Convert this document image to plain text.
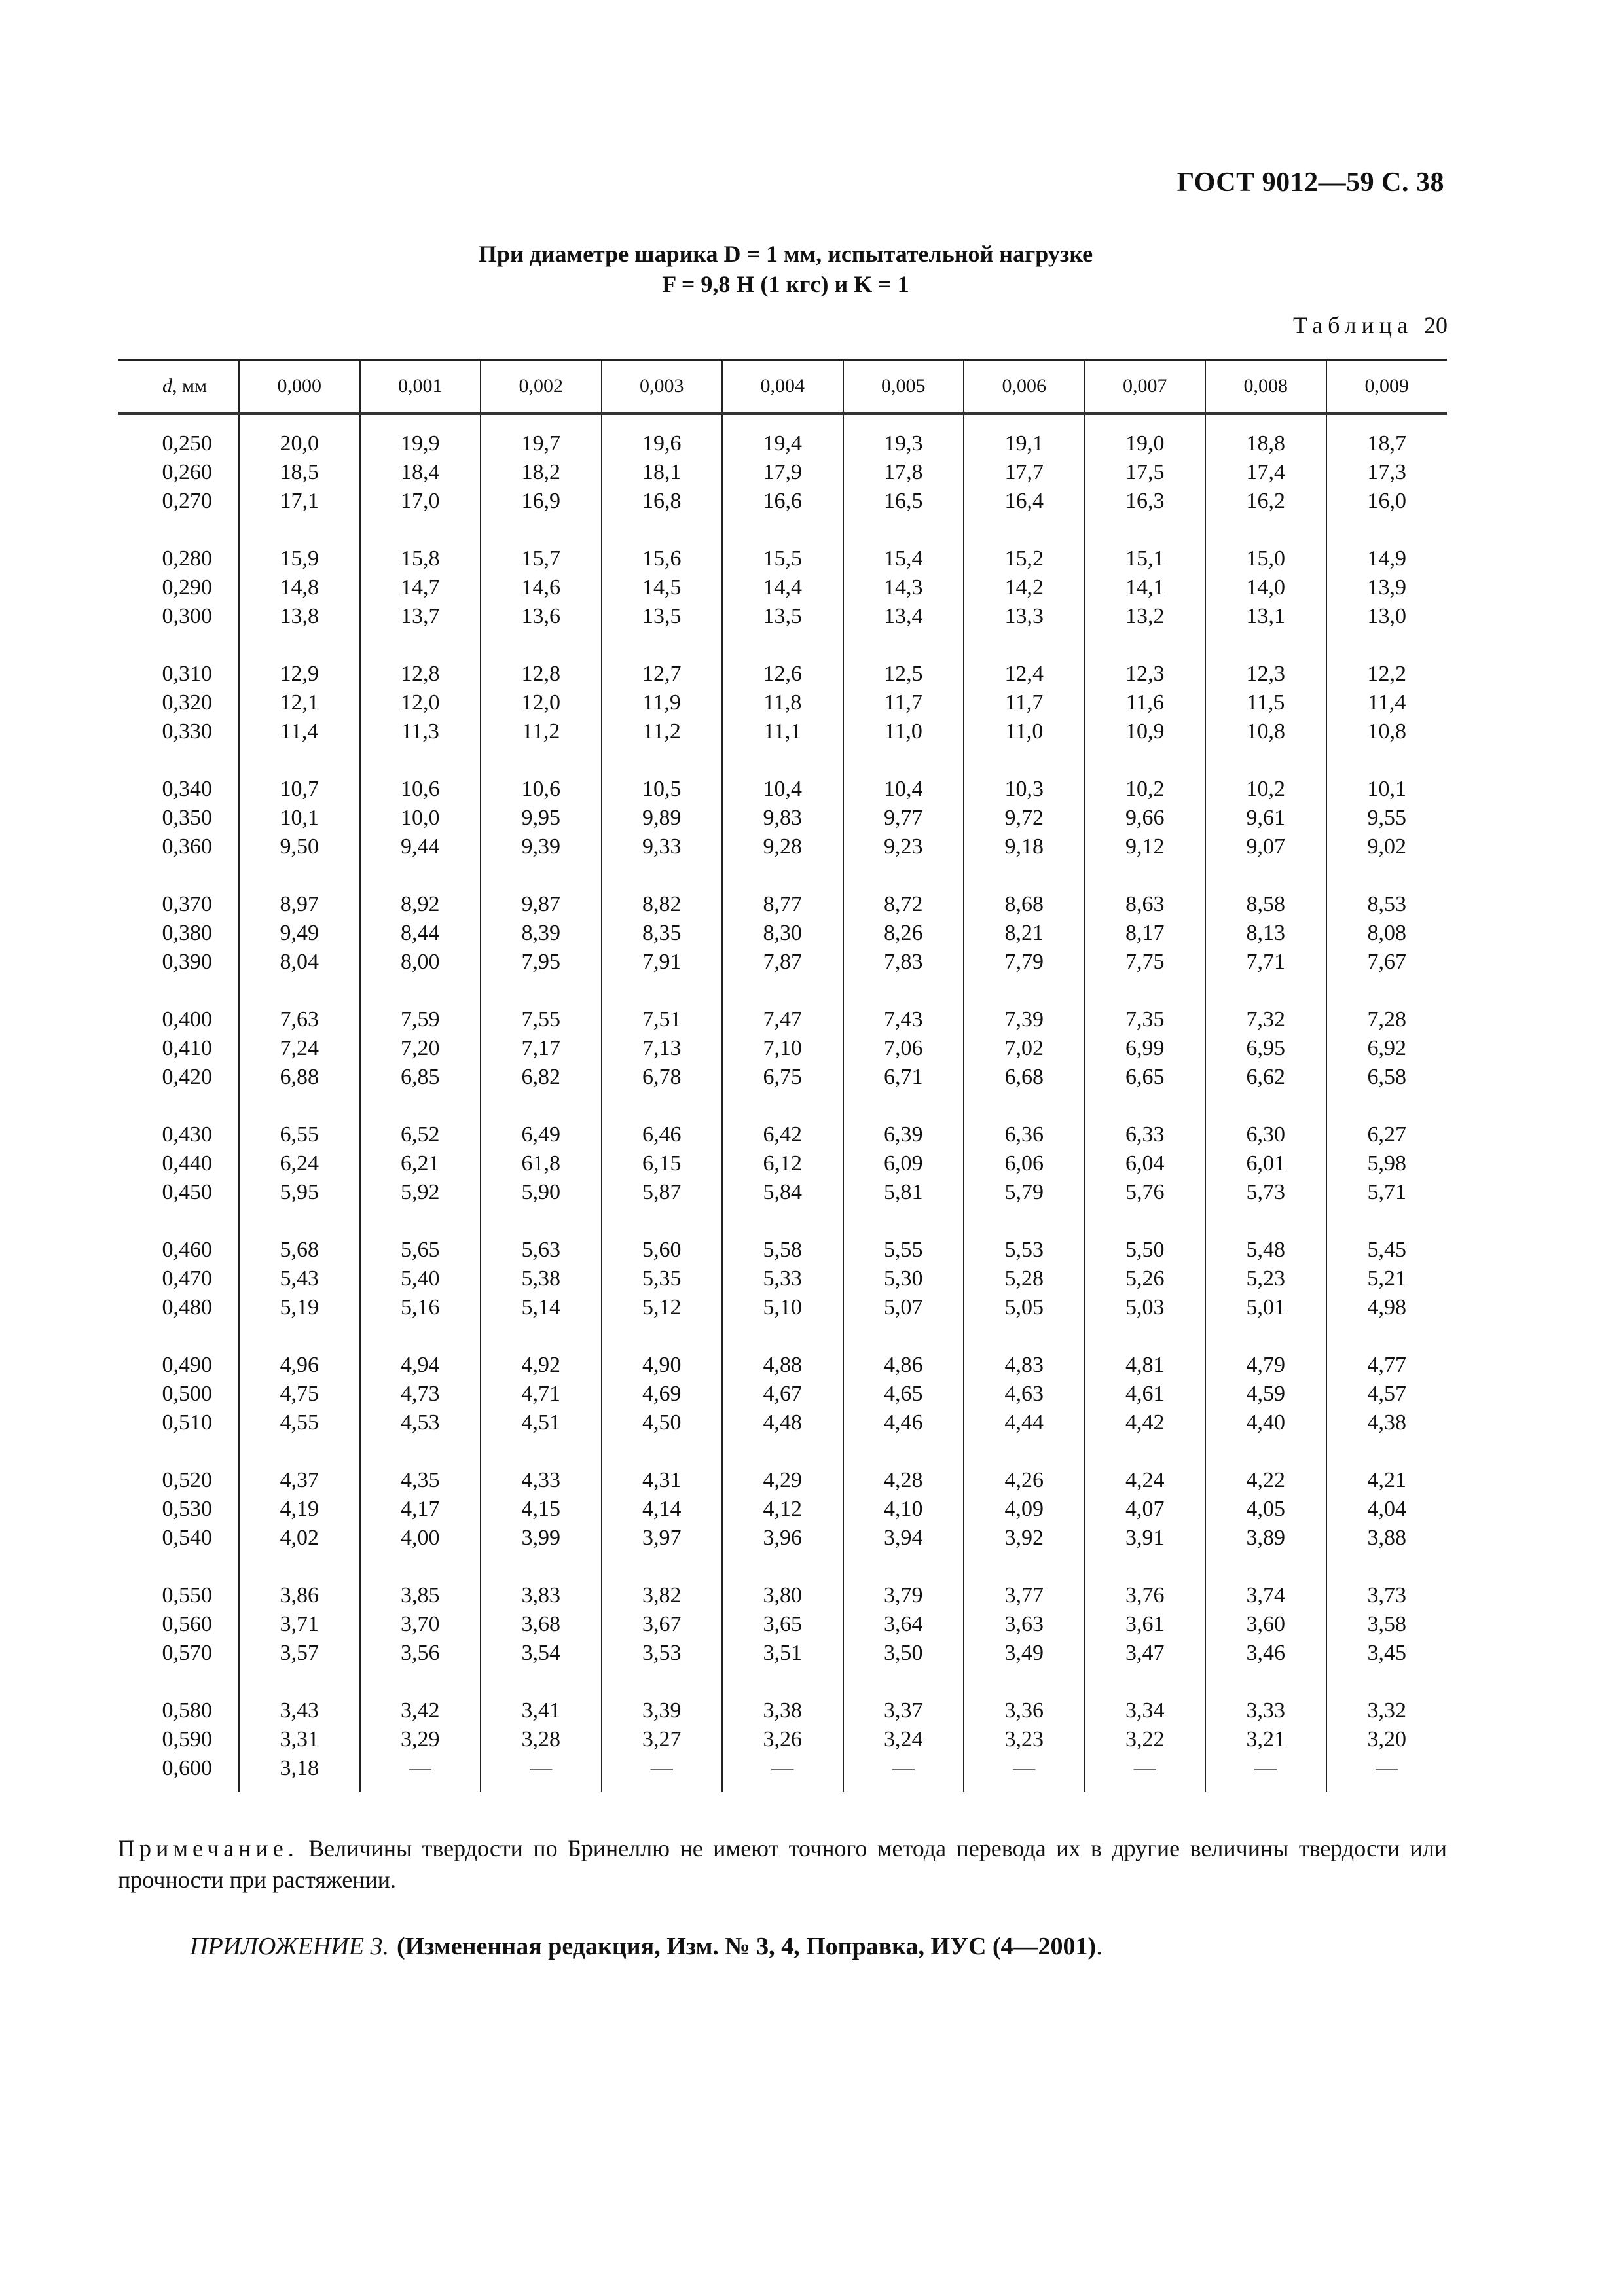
ГОСТ 9012—59 С. 38
При диаметре шарика D = 1 мм, испытательной нагрузке
F = 9,8 Н (1 кгс) и K = 1
Таблица 20
d, мм	0,000	0,001	0,002	0,003	0,004	0,005	0,006	0,007	0,008	0,009
0,250	20,0	19,9	19,7	19,6	19,4	19,3	19,1	19,0	18,8	18,7
0,260	18,5	18,4	18,2	18,1	17,9	17,8	17,7	17,5	17,4	17,3
0,270	17,1	17,0	16,9	16,8	16,6	16,5	16,4	16,3	16,2	16,0
0,280	15,9	15,8	15,7	15,6	15,5	15,4	15,2	15,1	15,0	14,9
0,290	14,8	14,7	14,6	14,5	14,4	14,3	14,2	14,1	14,0	13,9
0,300	13,8	13,7	13,6	13,5	13,5	13,4	13,3	13,2	13,1	13,0
0,310	12,9	12,8	12,8	12,7	12,6	12,5	12,4	12,3	12,3	12,2
0,320	12,1	12,0	12,0	11,9	11,8	11,7	11,7	11,6	11,5	11,4
0,330	11,4	11,3	11,2	11,2	11,1	11,0	11,0	10,9	10,8	10,8
0,340	10,7	10,6	10,6	10,5	10,4	10,4	10,3	10,2	10,2	10,1
0,350	10,1	10,0	9,95	9,89	9,83	9,77	9,72	9,66	9,61	9,55
0,360	9,50	9,44	9,39	9,33	9,28	9,23	9,18	9,12	9,07	9,02
0,370	8,97	8,92	9,87	8,82	8,77	8,72	8,68	8,63	8,58	8,53
0,380	9,49	8,44	8,39	8,35	8,30	8,26	8,21	8,17	8,13	8,08
0,390	8,04	8,00	7,95	7,91	7,87	7,83	7,79	7,75	7,71	7,67
0,400	7,63	7,59	7,55	7,51	7,47	7,43	7,39	7,35	7,32	7,28
0,410	7,24	7,20	7,17	7,13	7,10	7,06	7,02	6,99	6,95	6,92
0,420	6,88	6,85	6,82	6,78	6,75	6,71	6,68	6,65	6,62	6,58
0,430	6,55	6,52	6,49	6,46	6,42	6,39	6,36	6,33	6,30	6,27
0,440	6,24	6,21	61,8	6,15	6,12	6,09	6,06	6,04	6,01	5,98
0,450	5,95	5,92	5,90	5,87	5,84	5,81	5,79	5,76	5,73	5,71
0,460	5,68	5,65	5,63	5,60	5,58	5,55	5,53	5,50	5,48	5,45
0,470	5,43	5,40	5,38	5,35	5,33	5,30	5,28	5,26	5,23	5,21
0,480	5,19	5,16	5,14	5,12	5,10	5,07	5,05	5,03	5,01	4,98
0,490	4,96	4,94	4,92	4,90	4,88	4,86	4,83	4,81	4,79	4,77
0,500	4,75	4,73	4,71	4,69	4,67	4,65	4,63	4,61	4,59	4,57
0,510	4,55	4,53	4,51	4,50	4,48	4,46	4,44	4,42	4,40	4,38
0,520	4,37	4,35	4,33	4,31	4,29	4,28	4,26	4,24	4,22	4,21
0,530	4,19	4,17	4,15	4,14	4,12	4,10	4,09	4,07	4,05	4,04
0,540	4,02	4,00	3,99	3,97	3,96	3,94	3,92	3,91	3,89	3,88
0,550	3,86	3,85	3,83	3,82	3,80	3,79	3,77	3,76	3,74	3,73
0,560	3,71	3,70	3,68	3,67	3,65	3,64	3,63	3,61	3,60	3,58
0,570	3,57	3,56	3,54	3,53	3,51	3,50	3,49	3,47	3,46	3,45
0,580	3,43	3,42	3,41	3,39	3,38	3,37	3,36	3,34	3,33	3,32
0,590	3,31	3,29	3,28	3,27	3,26	3,24	3,23	3,22	3,21	3,20
0,600	3,18	—	—	—	—	—	—	—	—	—
Примечание. Величины твердости по Бринеллю не имеют точного метода перевода их в другие величины твердости или прочности при растяжении.
ПРИЛОЖЕНИЕ 3. (Измененная редакция, Изм. № 3, 4, Поправка, ИУС (4—2001).
